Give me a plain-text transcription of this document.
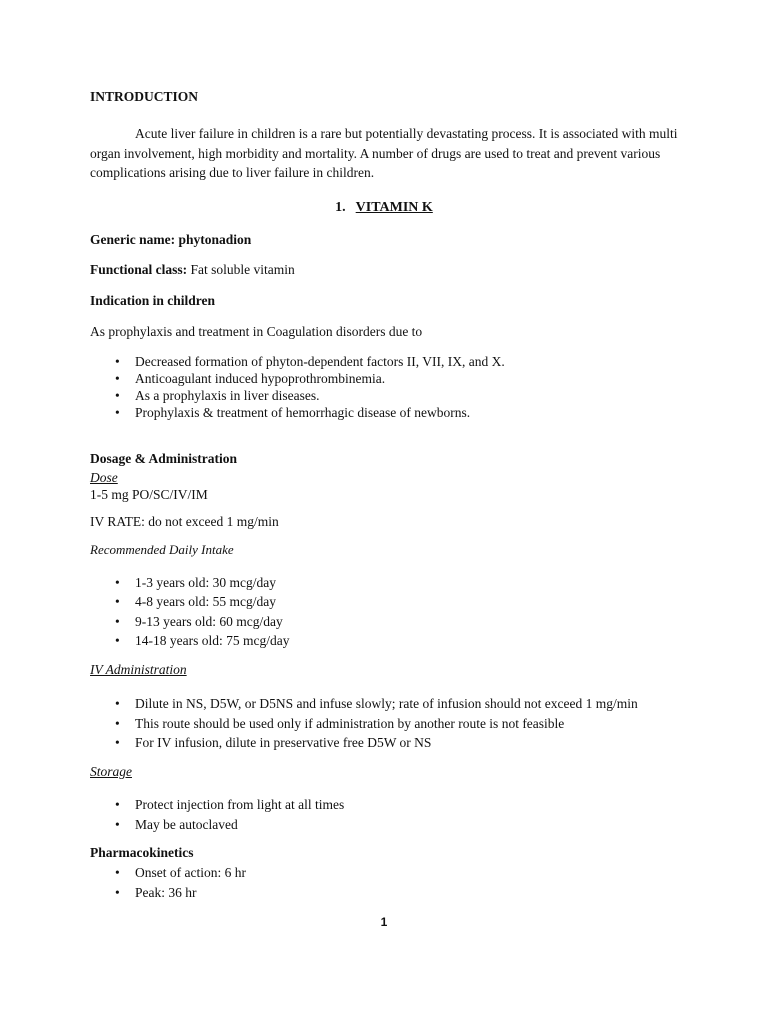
INTRODUCTION
Acute liver failure in children is a rare but potentially devastating process. It is associated with multi organ involvement, high morbidity and mortality. A number of drugs are used to treat and prevent various complications arising due to liver failure in children.
1. VITAMIN K
Generic name: phytonadion
Functional class: Fat soluble vitamin
Indication in children
As prophylaxis and treatment in Coagulation disorders due to
• Decreased formation of phyton-dependent factors II, VII, IX, and X.
• Anticoagulant induced hypoprothrombinemia.
• As a prophylaxis in liver diseases.
• Prophylaxis & treatment of hemorrhagic disease of newborns.
Dosage & Administration
Dose
1-5 mg PO/SC/IV/IM
IV RATE: do not exceed 1 mg/min
Recommended Daily Intake
• 1-3 years old: 30 mcg/day
• 4-8 years old: 55 mcg/day
• 9-13 years old: 60 mcg/day
• 14-18 years old: 75 mcg/day
IV Administration
• Dilute in NS, D5W, or D5NS and infuse slowly; rate of infusion should not exceed 1 mg/min
• This route should be used only if administration by another route is not feasible
• For IV infusion, dilute in preservative free D5W or NS
Storage
• Protect injection from light at all times
• May be autoclaved
Pharmacokinetics
• Onset of action: 6 hr
• Peak: 36 hr
1
